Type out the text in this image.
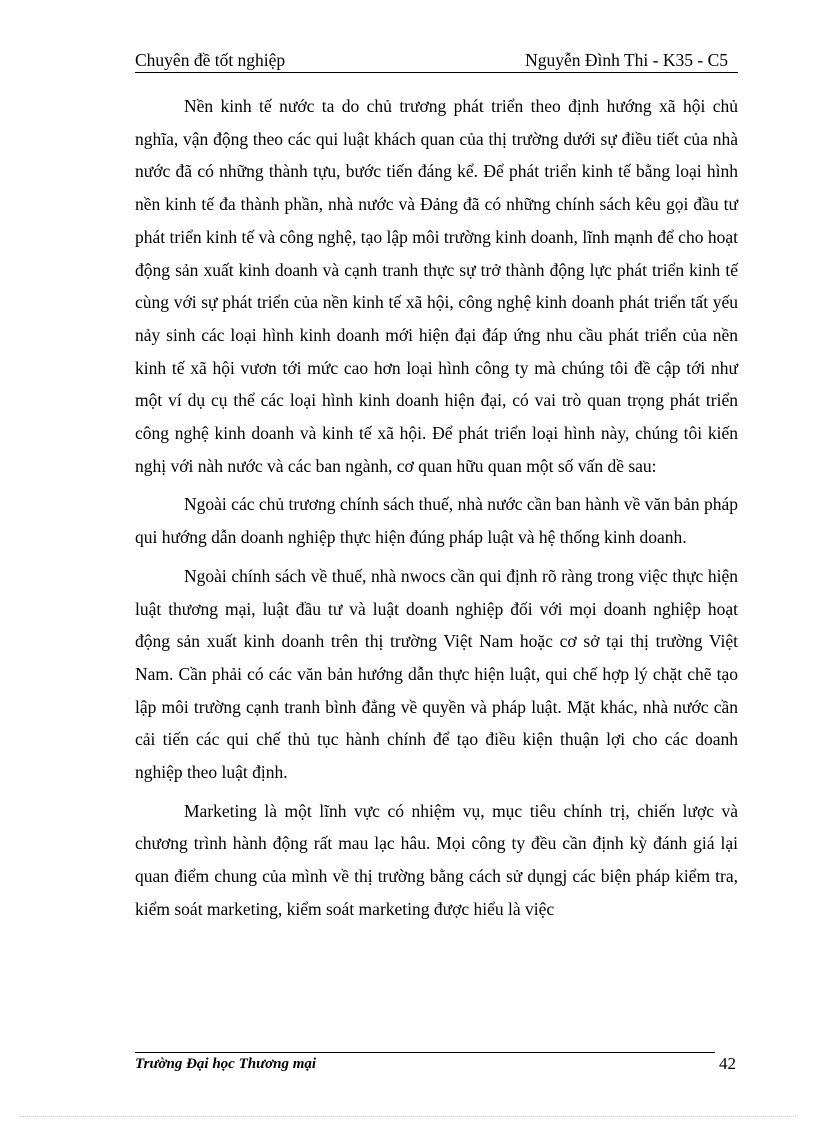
Chuyên đề tốt nghiệp	Nguyễn Đình Thi - K35 - C5

Nền kinh tế nước ta do chủ trương phát triển theo định hướng xã hội chủ nghĩa, vận động theo các qui luật khách quan của thị trường dưới sự điều tiết của nhà nước đã có những thành tựu, bước tiến đáng kể. Để phát triển kinh tế bằng loại hình nền kinh tế đa thành phần, nhà nước và Đảng đã có những chính sách kêu gọi đầu tư phát triển kinh tế và công nghệ, tạo lập môi trường kinh doanh, lĩnh mạnh để cho hoạt động sản xuất kinh doanh và cạnh tranh thực sự trở thành động lực phát triển kinh tế cùng với sự phát triển của nền kinh tế xã hội, công nghệ kinh doanh phát triển tất yếu nảy sinh các loại hình kinh doanh mới hiện đại đáp ứng nhu cầu phát triển của nền kinh tế xã hội vươn tới mức cao hơn loại hình công ty mà chúng tôi đề cập tới như một ví dụ cụ thể các loại hình kinh doanh hiện đại, có vai trò quan trọng phát triển công nghệ kinh doanh và kinh tế xã hội. Để phát triển loại hình này, chúng tôi kiến nghị với nàh nước và các ban ngành, cơ quan hữu quan một số vấn dề sau:

Ngoài các chủ trương chính sách thuế, nhà nước cần ban hành về văn bản pháp qui hướng dẫn doanh nghiệp thực hiện đúng pháp luật và hệ thống kinh doanh.

Ngoài chính sách về thuế, nhà nwocs cần qui định rõ ràng trong việc thực hiện luật thương mại, luật đầu tư và luật doanh nghiệp đối với mọi doanh nghiệp hoạt động sản xuất kinh doanh trên thị trường Việt Nam hoặc cơ sở tại thị trường Việt Nam. Cần phải có các văn bản hướng dẫn thực hiện luật, qui chế hợp lý chặt chẽ tạo lập môi trường cạnh tranh bình đẳng về quyền và pháp luật. Mặt khác, nhà nước cần cải tiến các qui chế thủ tục hành chính để tạo điều kiện thuận lợi cho các doanh nghiệp theo luật định.

Marketing là một lĩnh vực có nhiệm vụ, mục tiêu chính trị, chiến lược và chương trình hành động rất mau lạc hâu. Mọi công ty đều cần định kỳ đánh giá lại quan điểm chung của mình về thị trường bằng cách sử dụngj các biện pháp kiểm tra, kiểm soát marketing, kiểm soát marketing được hiểu là việc

Trường Đại học Thương mại	42
